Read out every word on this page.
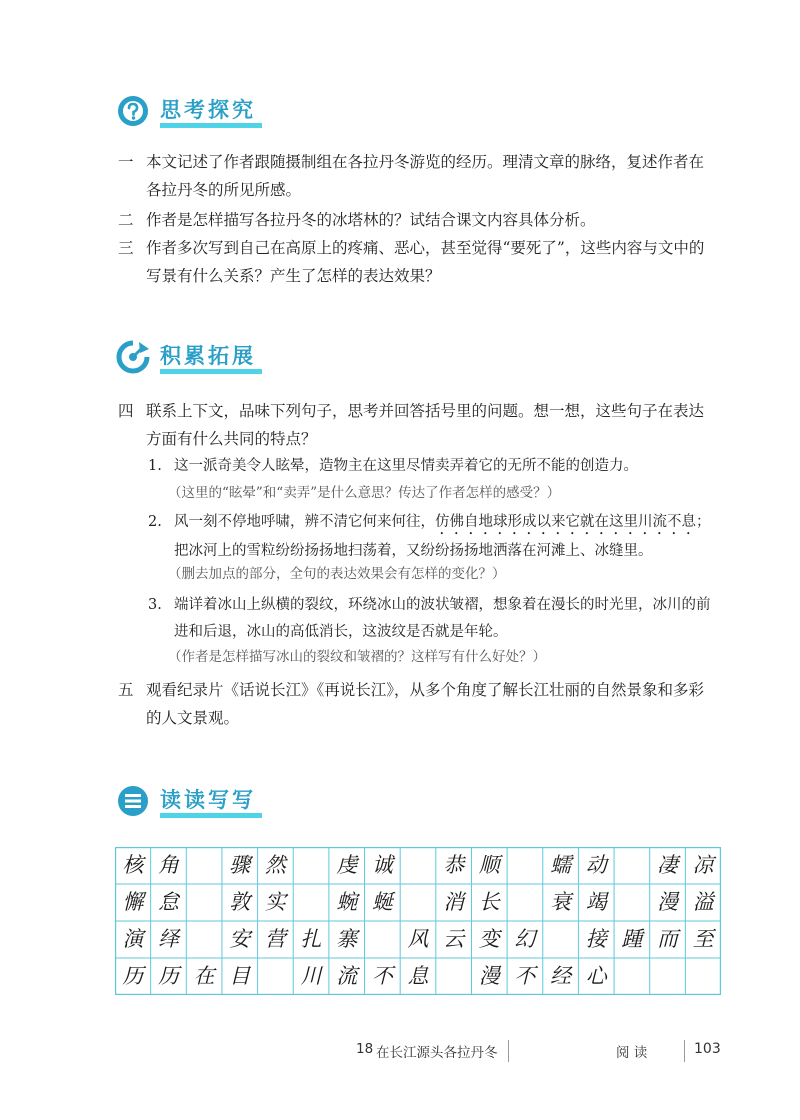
思考探究
一 本文记述了作者跟随摄制组在各拉丹冬游览的经历。理清文章的脉络，复述作者在各拉丹冬的所见所感。
二 作者是怎样描写各拉丹冬的冰塔林的？试结合课文内容具体分析。
三 作者多次写到自己在高原上的疼痛、恶心，甚至觉得“要死了”，这些内容与文中的写景有什么关系？产生了怎样的表达效果？
积累拓展
四 联系上下文，品味下列句子，思考并回答括号里的问题。想一想，这些句子在表达方面有什么共同的特点？
1. 这一派奇美令人眩晕，造物主在这里尽情卖弄着它的无所不能的创造力。
（这里的“眩晕”和“卖弄”是什么意思？传达了作者怎样的感受？）
2. 风一刻不停地呼啸，辨不清它何来何往，仿佛自地球形成以来它就在这里川流不息；把冰河上的雪粒纷纷扬扬地扫荡着，又纷纷扬扬地洒落在河滩上、冰缝里。
（删去加点的部分，全句的表达效果会有怎样的变化？）
3. 端详着冰山上纵横的裂纹，环绕冰山的波状皱褶，想象着在漫长的时光里，冰川的前进和后退，冰山的高低消长，这波纹是否就是年轮。
（作者是怎样描写冰山的裂纹和皱褶的？这样写有什么好处？）
五 观看纪录片《话说长江》《再说长江》，从多个角度了解长江壮丽的自然景象和多彩的人文景观。
读读写写
核 角	骤 然	虔 诚	恭 顺	蠕 动	凄 凉
懈 怠	敦 实	蜿 蜒	消 长	衰 竭	漫 溢
演 绎	安 营 扎 寨	风 云 变 幻	接 踵 而 至
历 历 在 目	川 流 不 息	漫 不 经 心
18 在长江源头各拉丹冬	阅 读	103
